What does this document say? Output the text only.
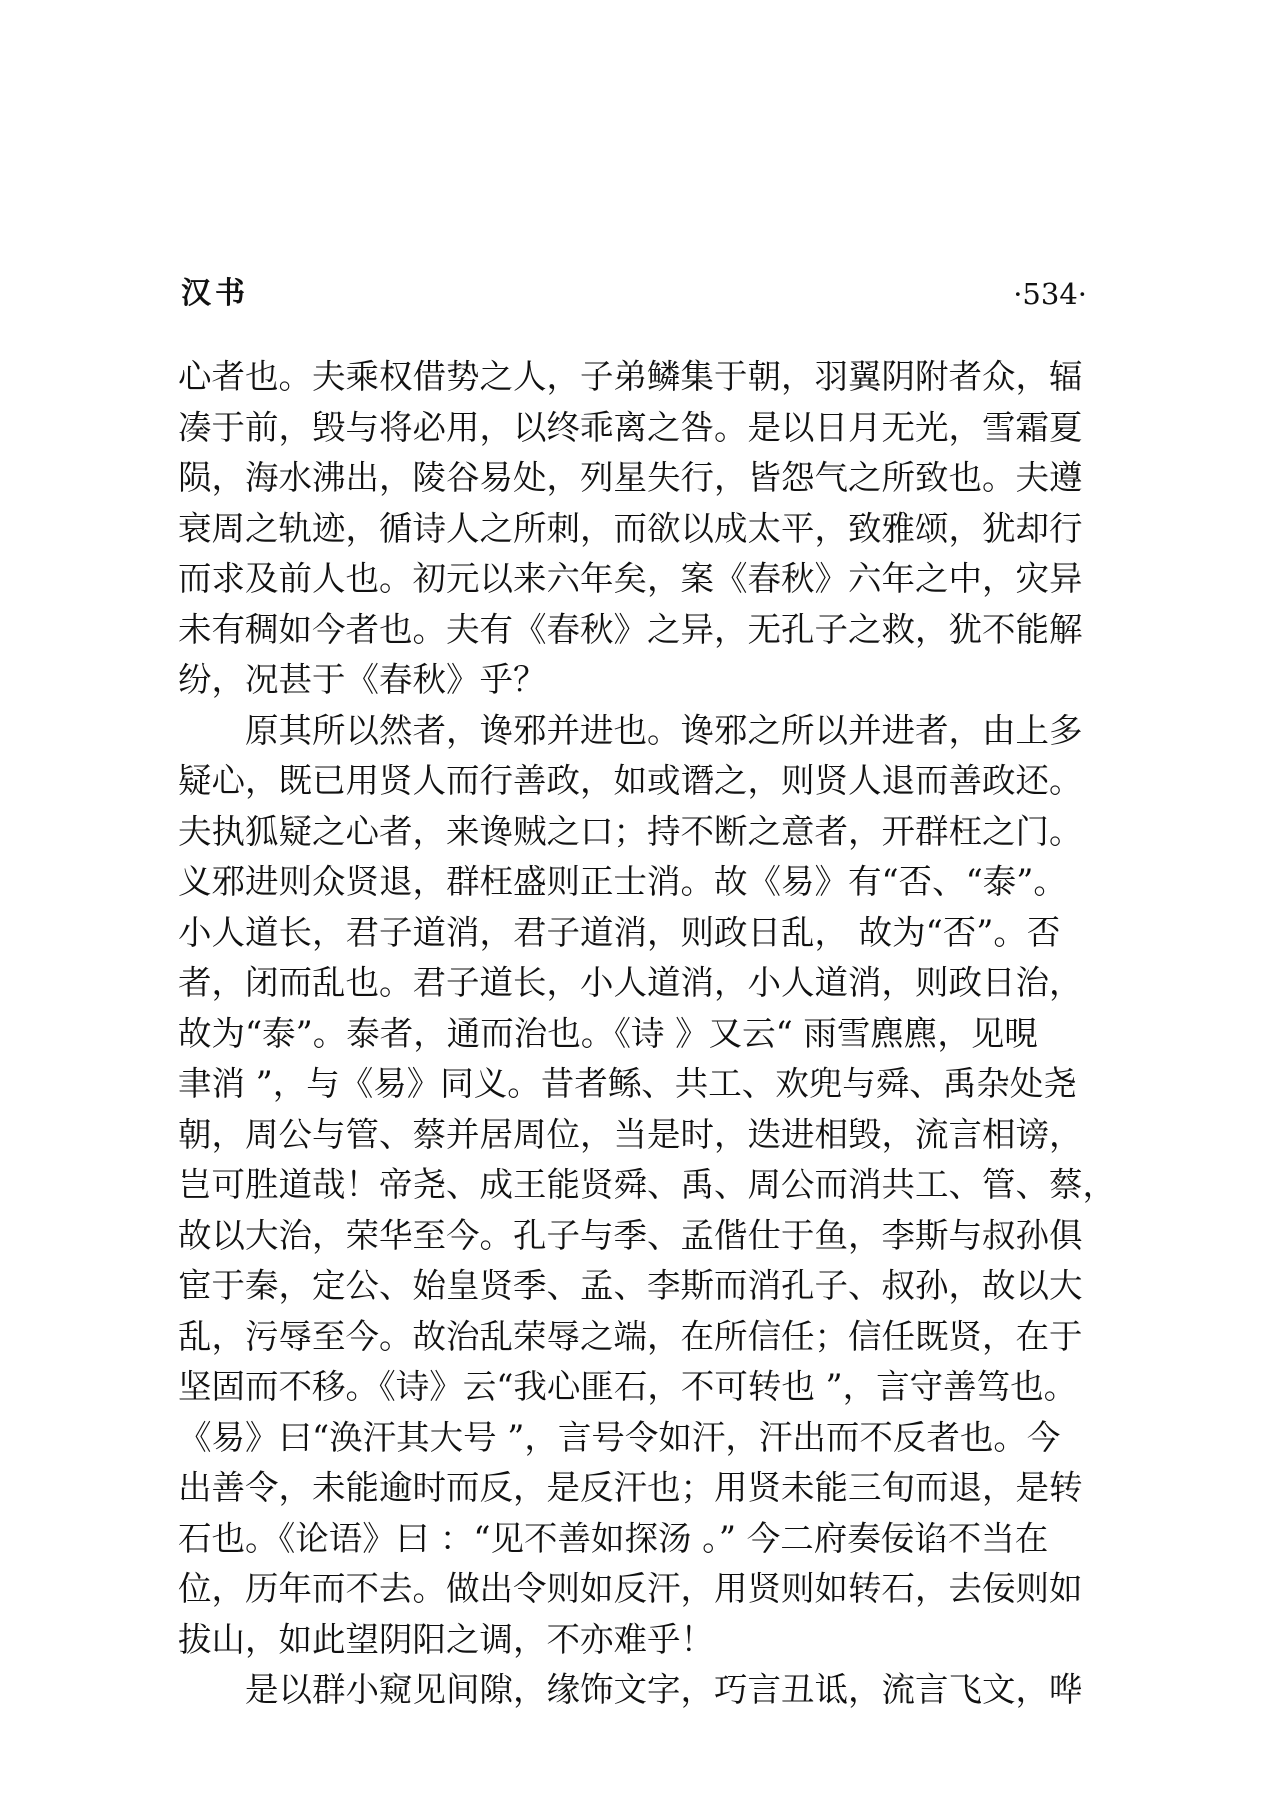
汉书	·534·
心者也。夫乘权借势之人，子弟鳞集于朝，羽翼阴附者众，辐
凑于前，毁与将必用，以终乖离之咎。是以日月无光，雪霜夏
陨，海水沸出，陵谷易处，列星失行，皆怨气之所致也。夫遵
衰周之轨迹，循诗人之所刺，而欲以成太平，致雅颂，犹却行
而求及前人也。初元以来六年矣，案《春秋》六年之中，灾异
未有稠如今者也。夫有《春秋》之异，无孔子之救，犹不能解
纷，况甚于《春秋》乎？
　　原其所以然者，谗邪并进也。谗邪之所以并进者，由上多
疑心，既已用贤人而行善政，如或谮之，则贤人退而善政还。
夫执狐疑之心者，来谗贼之口；持不断之意者，开群枉之门。
义邪进则众贤退，群枉盛则正士消。故《易》有“否、“泰”。
小人道长，君子道消，君子道消，则政日乱， 故为“否”。否
者，闭而乱也。君子道长，小人道消，小人道消，则政日治，
故为“泰”。泰者，通而治也。《诗 》又云“ 雨雪麃麃，见晛
聿消 ”，与《易》同义。昔者鲧、共工、欢兜与舜、禹杂处尧
朝，周公与管、蔡并居周位，当是时，迭进相毁，流言相谤，
岂可胜道哉！帝尧、成王能贤舜、禹、周公而消共工、管、蔡，
故以大治，荣华至今。孔子与季、孟偕仕于鱼，李斯与叔孙俱
宦于秦，定公、始皇贤季、孟、李斯而消孔子、叔孙，故以大
乱，污辱至今。故治乱荣辱之端，在所信任；信任既贤，在于
坚固而不移。《诗》云“我心匪石，不可转也 ”，言守善笃也。
《易》曰“涣汗其大号 ”，言号令如汗，汗出而不反者也。今
出善令，未能逾时而反，是反汗也；用贤未能三旬而退，是转
石也。《论语》曰 ：“见不善如探汤 。” 今二府奏佞谄不当在
位，历年而不去。做出令则如反汗，用贤则如转石，去佞则如
拔山，如此望阴阳之调，不亦难乎！
　　是以群小窥见间隙，缘饰文字，巧言丑诋，流言飞文，哗
